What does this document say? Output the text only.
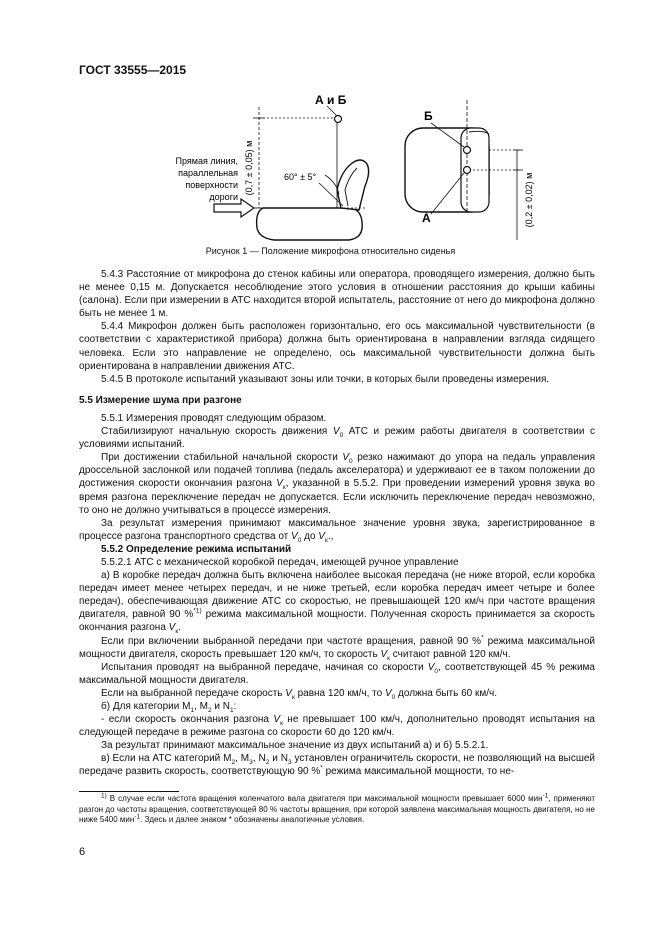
ГОСТ 33555—2015
(0,7 ± 0,05) м
А и Б
60° ± 5°
Прямая линия,
параллельная
поверхности
дороги
Б
А	(0,2 ± 0,02) м
Рисунок 1 — Положение микрофона относительно сиденья

5.4.3 Расстояние от микрофона до стенок кабины или оператора, проводящего измерения, должно быть не менее 0,15 м. Допускается несоблюдение этого условия в отношении расстояния до крыши кабины (салона). Если при измерении в АТС находится второй испытатель, расстояние от него до микрофона должно быть не менее 1 м.

5.4.4 Микрофон должен быть расположен горизонтально, его ось максимальной чувствительности (в соответствии с характеристикой прибора) должна быть ориентирована в направлении взгляда сидящего человека. Если это направление не определено, ось максимальной чувствительности должна быть ориентирована в направлении движения АТС.

5.4.5 В протоколе испытаний указывают зоны или точки, в которых были проведены измерения.

5.5 Измерение шума при разгоне

5.5.1 Измерения проводят следующим образом.

Стабилизируют начальную скорость движения $V_0$ АТС и режим работы двигателя в соответствии с условиями испытаний.

При достижении стабильной начальной скорости $V_0$ резко нажимают до упора на педаль управления дроссельной заслонкой или подачей топлива (педаль акселератора) и удерживают ее в таком положении до достижения скорости окончания разгона $V_к$, указанной в 5.5.2. При проведении измерений уровня звука во время разгона переключение передач не допускается. Если исключить переключение передач невозможно, то оно не должно учитываться в процессе измерения.

За результат измерения принимают максимальное значение уровня звука, зарегистрированное в процессе разгона транспортного средства от $V_0$ до $V_к$.,

5.5.2 Определение режима испытаний

5.5.2.1 АТС с механической коробкой передач, имеющей ручное управление

а) В коробке передач должна быть включена наиболее высокая передача (не ниже второй, если коробка передач имеет менее четырех передач, и не ниже третьей, если коробка передач имеет четыре и более передач), обеспечивающая движение АТС со скоростью, не превышающей 120 км/ч при частоте вращения двигателя, равной 90 %$^{*1)}$ режима максимальной мощности. Полученная скорость принимается за скорость окончания разгона $V_к$.

Если при включении выбранной передачи при частоте вращения, равной 90 %* режима максимальной мощности двигателя, скорость превышает 120 км/ч, то скорость $V_к$ считают равной 120 км/ч.

Испытания проводят на выбранной передаче, начиная со скорости $V_0$, соответствующей 45 % режима максимальной мощности двигателя.

Если на выбранной передаче скорость $V_к$ равна 120 км/ч, то $V_0$ должна быть 60 км/ч.

б) Для категории $М_1$, $М_2$ и $N_1$:

- если скорость окончания разгона $V_к$ не превышает 100 км/ч, дополнительно проводят испытания на следующей передаче в режиме разгона со скорости 60 до 120 км/ч.

За результат принимают максимальное значение из двух испытаний а) и б) 5.5.2.1.

в) Если на АТС категорий $М_2$, $М_3$, $N_2$ и $N_3$ установлен ограничитель скорости, не позволяющий на высшей передаче развить скорость, соответствующую 90 %* режима максимальной мощности, то не-

$^{1)}$ В случае если частота вращения коленчатого вала двигателя при максимальной мощности превышает 6000 мин$^{-1}$, применяют разгон до частоты вращения, соответствующей 80 % частоты вращения, при которой заявлена максимальная мощность двигателя, но не ниже 5400 мин$^{-1}$. Здесь и далее знаком * обозначены аналогичные условия.
6
